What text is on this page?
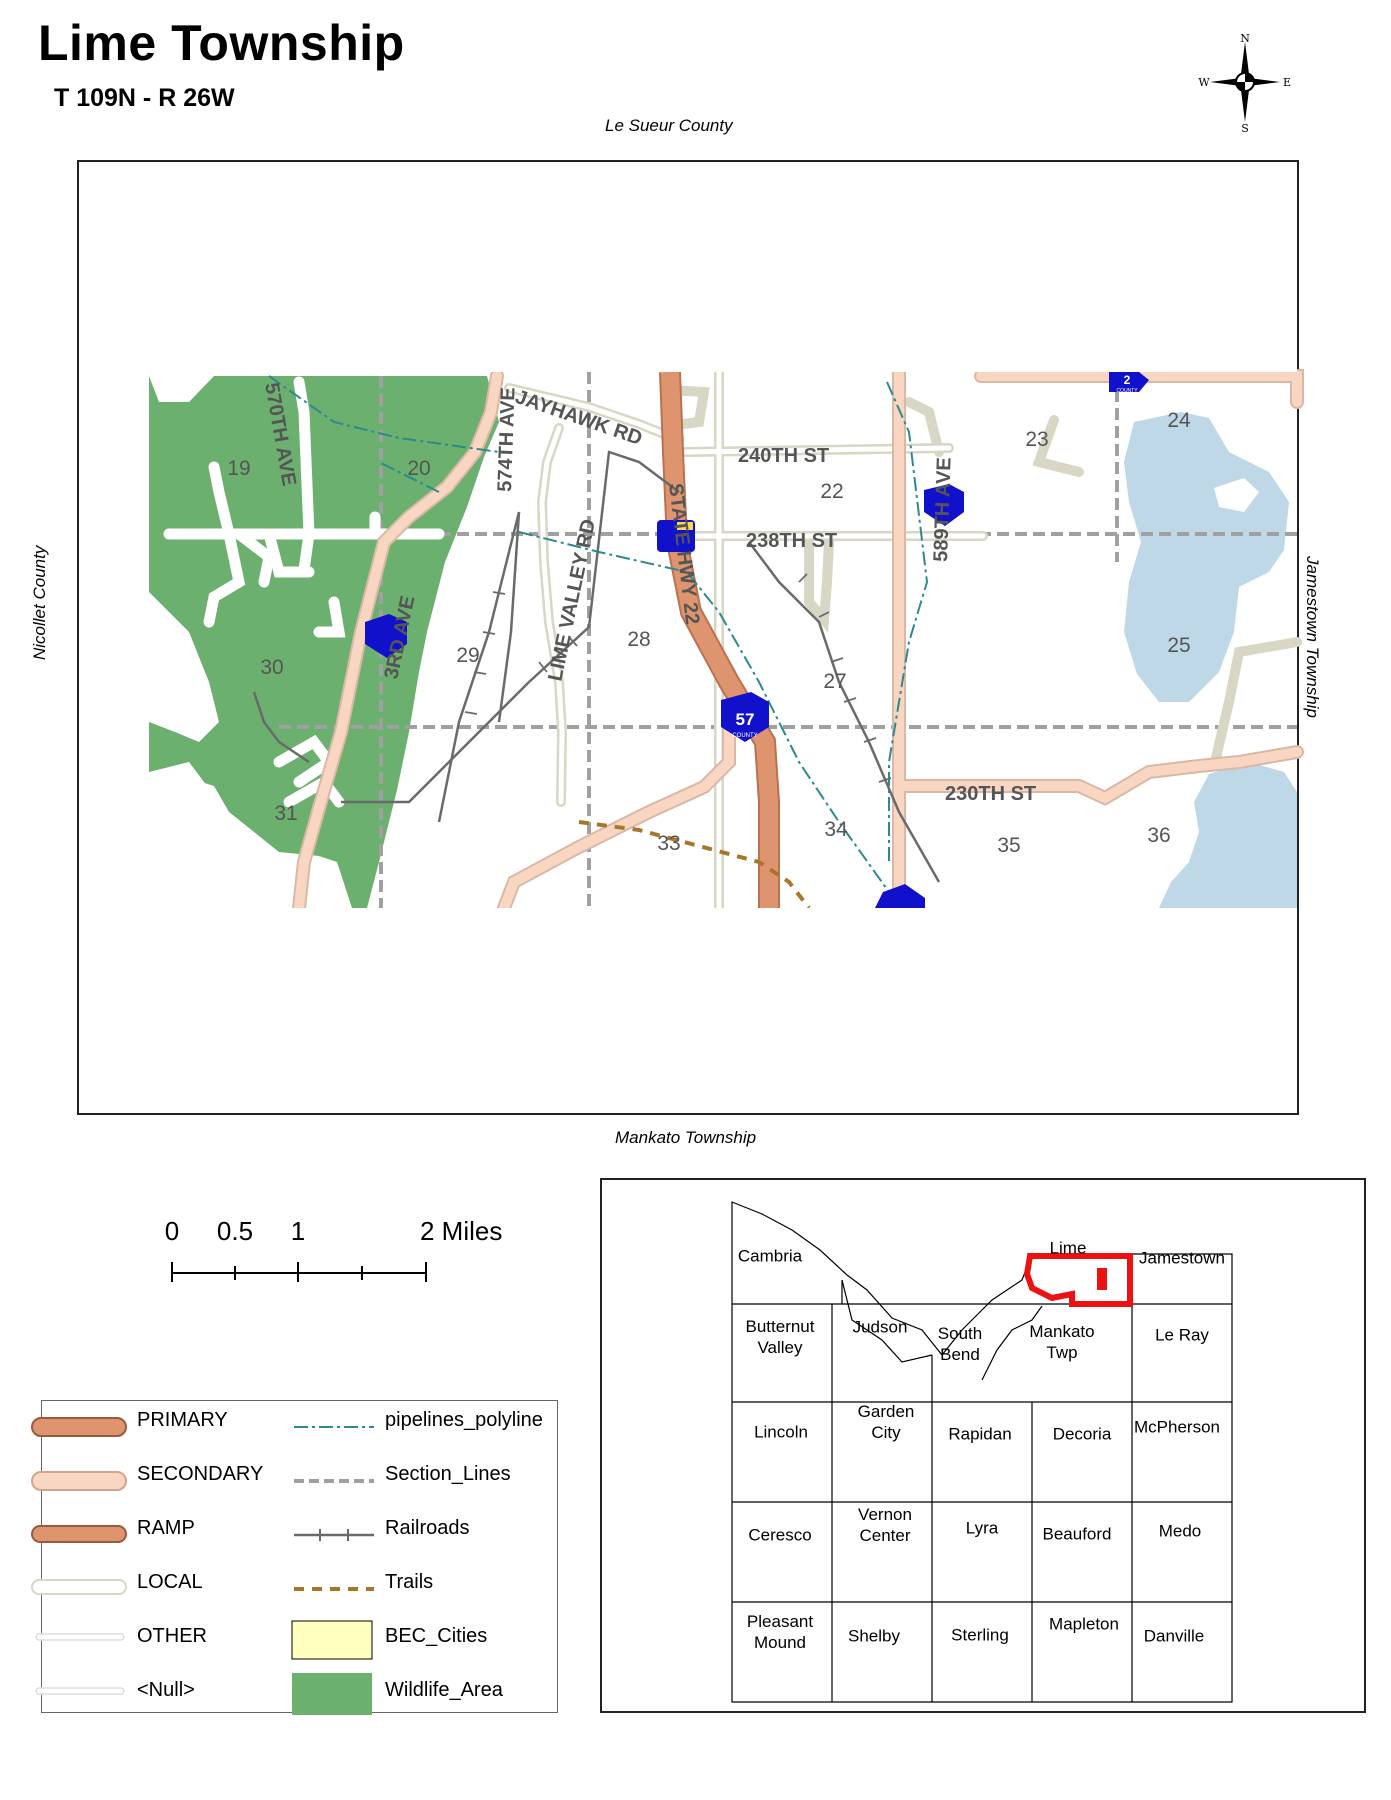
Lime Township
T 109N - R 26W
N
S
W	E
Le Sueur County
Mankato Township
Nicollet County	Jamestown Township
57
COUNTY
2
COUNTY
570TH AVE	574TH AVE
JAYHAWK RD
240TH ST
238TH ST
STATE HWY 22	589TH AVE
LIME VALLEY RD
3RD AVE
230TH ST
19	20
22
23
24
25
27
28
29
30
31
33
34
35	36
0 0.5 1	2 Miles
PRIMARY
SECONDARY
RAMP
LOCAL
OTHER
<Null>
pipelines_polyline
Section_Lines
Railroads
Trails
BEC_Cities
Wildlife_Area
Cambria	Lime
Jamestown
Butternut
Valley
Judson South
Bend
Mankato
Twp
Le Ray
Lincoln
Garden
City	Rapidan Decoria McPherson
Ceresco
Vernon
Center	Lyra	Beauford	Medo
Pleasant
Mound	Shelby	Sterling
Mapleton
Danville
